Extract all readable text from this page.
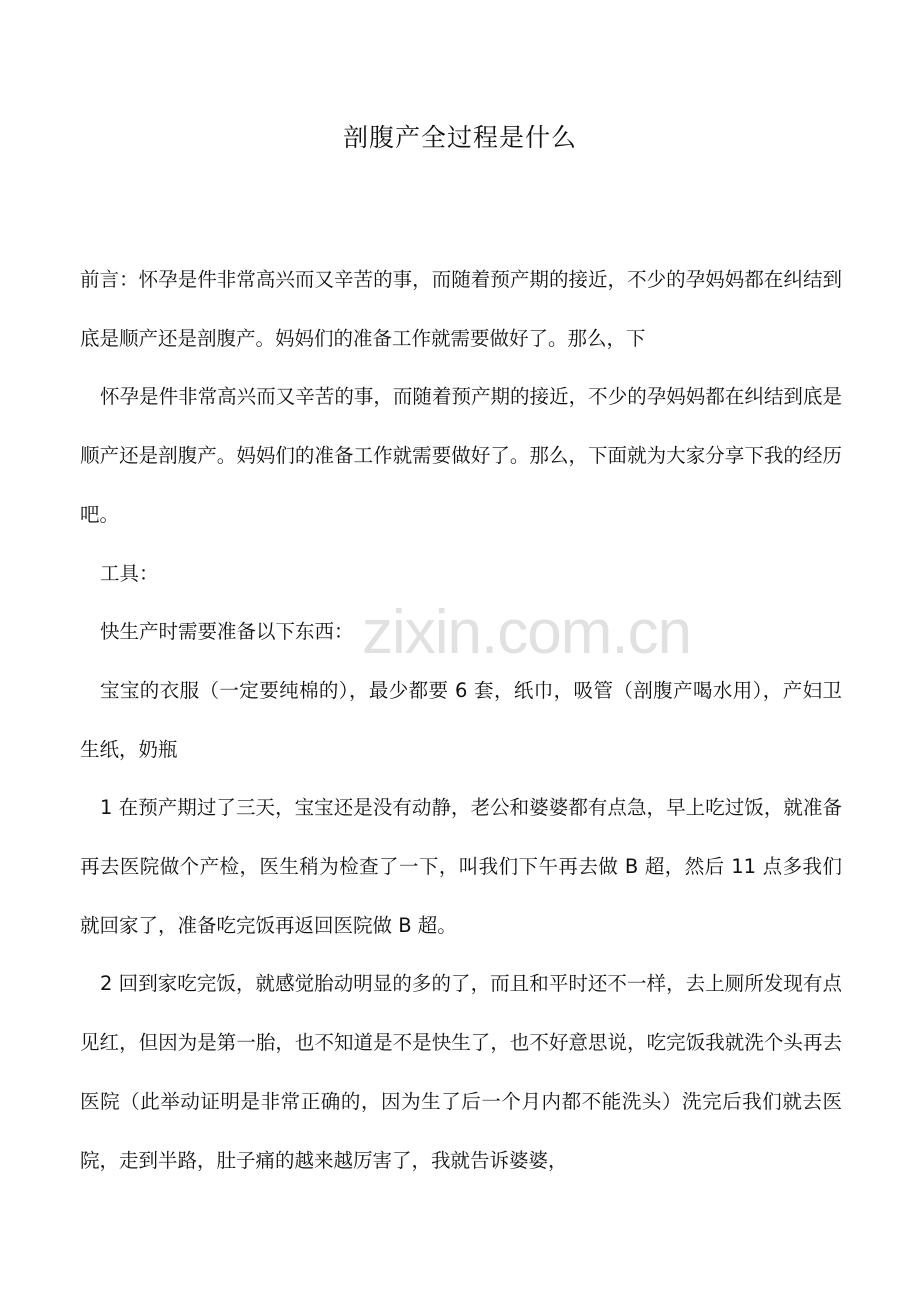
剖腹产全过程是什么

前言：怀孕是件非常高兴而又辛苦的事，而随着预产期的接近，不少的孕妈妈都在纠结到底是顺产还是剖腹产。妈妈们的准备工作就需要做好了。那么，下

怀孕是件非常高兴而又辛苦的事，而随着预产期的接近，不少的孕妈妈都在纠结到底是顺产还是剖腹产。妈妈们的准备工作就需要做好了。那么，下面就为大家分享下我的经历吧。

工具：

快生产时需要准备以下东西：

宝宝的衣服（一定要纯棉的），最少都要 6 套，纸巾，吸管（剖腹产喝水用），产妇卫生纸，奶瓶

1 在预产期过了三天，宝宝还是没有动静，老公和婆婆都有点急，早上吃过饭，就准备再去医院做个产检，医生稍为检查了一下，叫我们下午再去做 B 超，然后 11 点多我们就回家了，准备吃完饭再返回医院做 B 超。

2 回到家吃完饭，就感觉胎动明显的多的了，而且和平时还不一样，去上厕所发现有点见红，但因为是第一胎，也不知道是不是快生了，也不好意思说，吃完饭我就洗个头再去医院（此举动证明是非常正确的，因为生了后一个月内都不能洗头）洗完后我们就去医院，走到半路，肚子痛的越来越厉害了，我就告诉婆婆，

zixin.com.cn
